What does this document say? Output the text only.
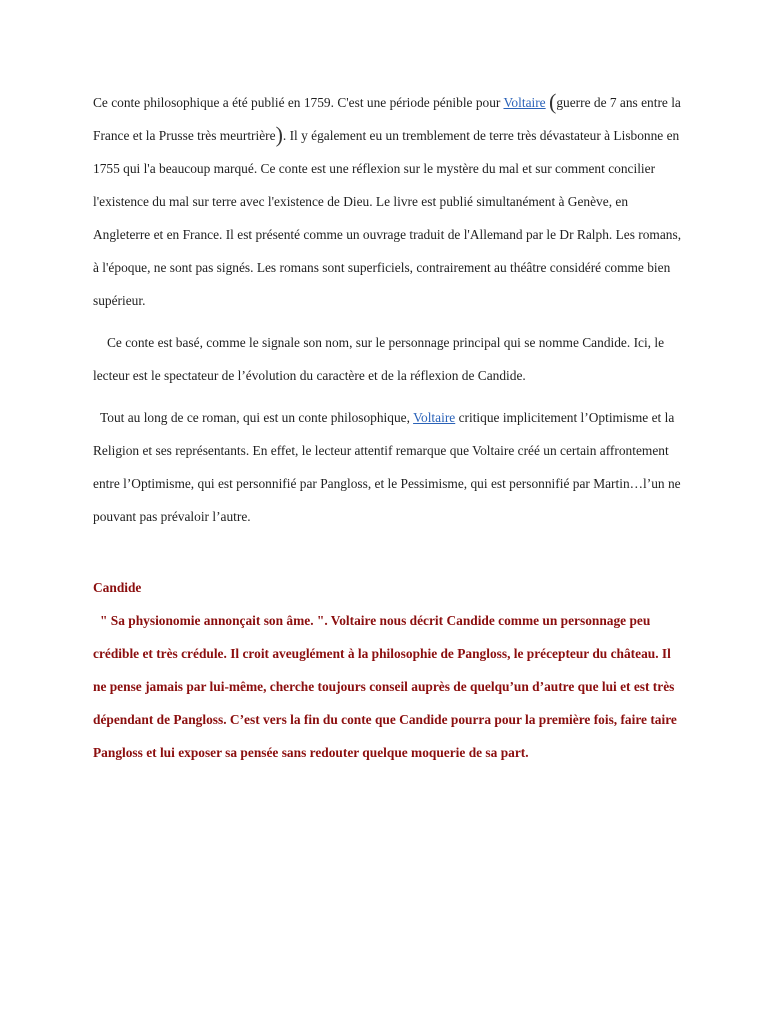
Ce conte philosophique a été publié en 1759. C'est une période pénible pour Voltaire (guerre de 7 ans entre la France et la Prusse très meurtrière). Il y également eu un tremblement de terre très dévastateur à Lisbonne en 1755 qui l'a beaucoup marqué. Ce conte est une réflexion sur le mystère du mal et sur comment concilier l'existence du mal sur terre avec l'existence de Dieu. Le livre est publié simultanément à Genève, en Angleterre et en France. Il est présenté comme un ouvrage traduit de l'Allemand par le Dr Ralph. Les romans, à l'époque, ne sont pas signés. Les romans sont superficiels, contrairement au théâtre considéré comme bien supérieur.

Ce conte est basé, comme le signale son nom, sur le personnage principal qui se nomme Candide. Ici, le lecteur est le spectateur de l’évolution du caractère et de la réflexion de Candide.

Tout au long de ce roman, qui est un conte philosophique, Voltaire critique implicitement l’Optimisme et la Religion et ses représentants. En effet, le lecteur attentif remarque que Voltaire créé un certain affrontement entre l’Optimisme, qui est personnifié par Pangloss, et le Pessimisme, qui est personnifié par Martin…l’un ne pouvant pas prévaloir l’autre.

Candide

" Sa physionomie annonçait son âme. ". Voltaire nous décrit Candide comme un personnage peu crédible et très crédule. Il croit aveuglément à la philosophie de Pangloss, le précepteur du château. Il ne pense jamais par lui-même, cherche toujours conseil auprès de quelqu’un d’autre que lui et est très dépendant de Pangloss. C’est vers la fin du conte que Candide pourra pour la première fois, faire taire Pangloss et lui exposer sa pensée sans redouter quelque moquerie de sa part.
